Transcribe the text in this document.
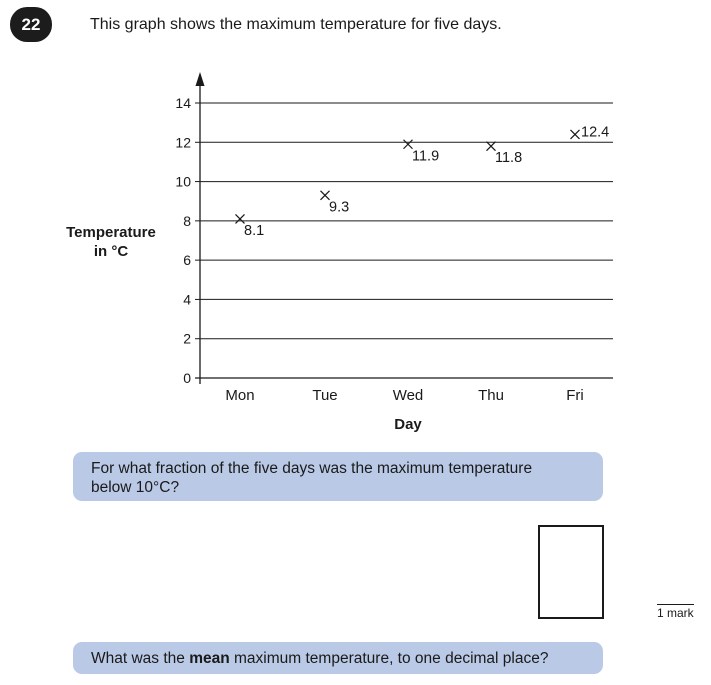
22	This graph shows the maximum temperature for five days.
Temperature
in °C
0
2
4
6
8
10
12
14
Mon	Tue	Wed	Thu	Fri
Day
8.1
9.3
11.9	11.8
12.4
For what fraction of the five days was the maximum temperature
below 10°C?
1 mark
What was the mean maximum temperature, to one decimal place?
